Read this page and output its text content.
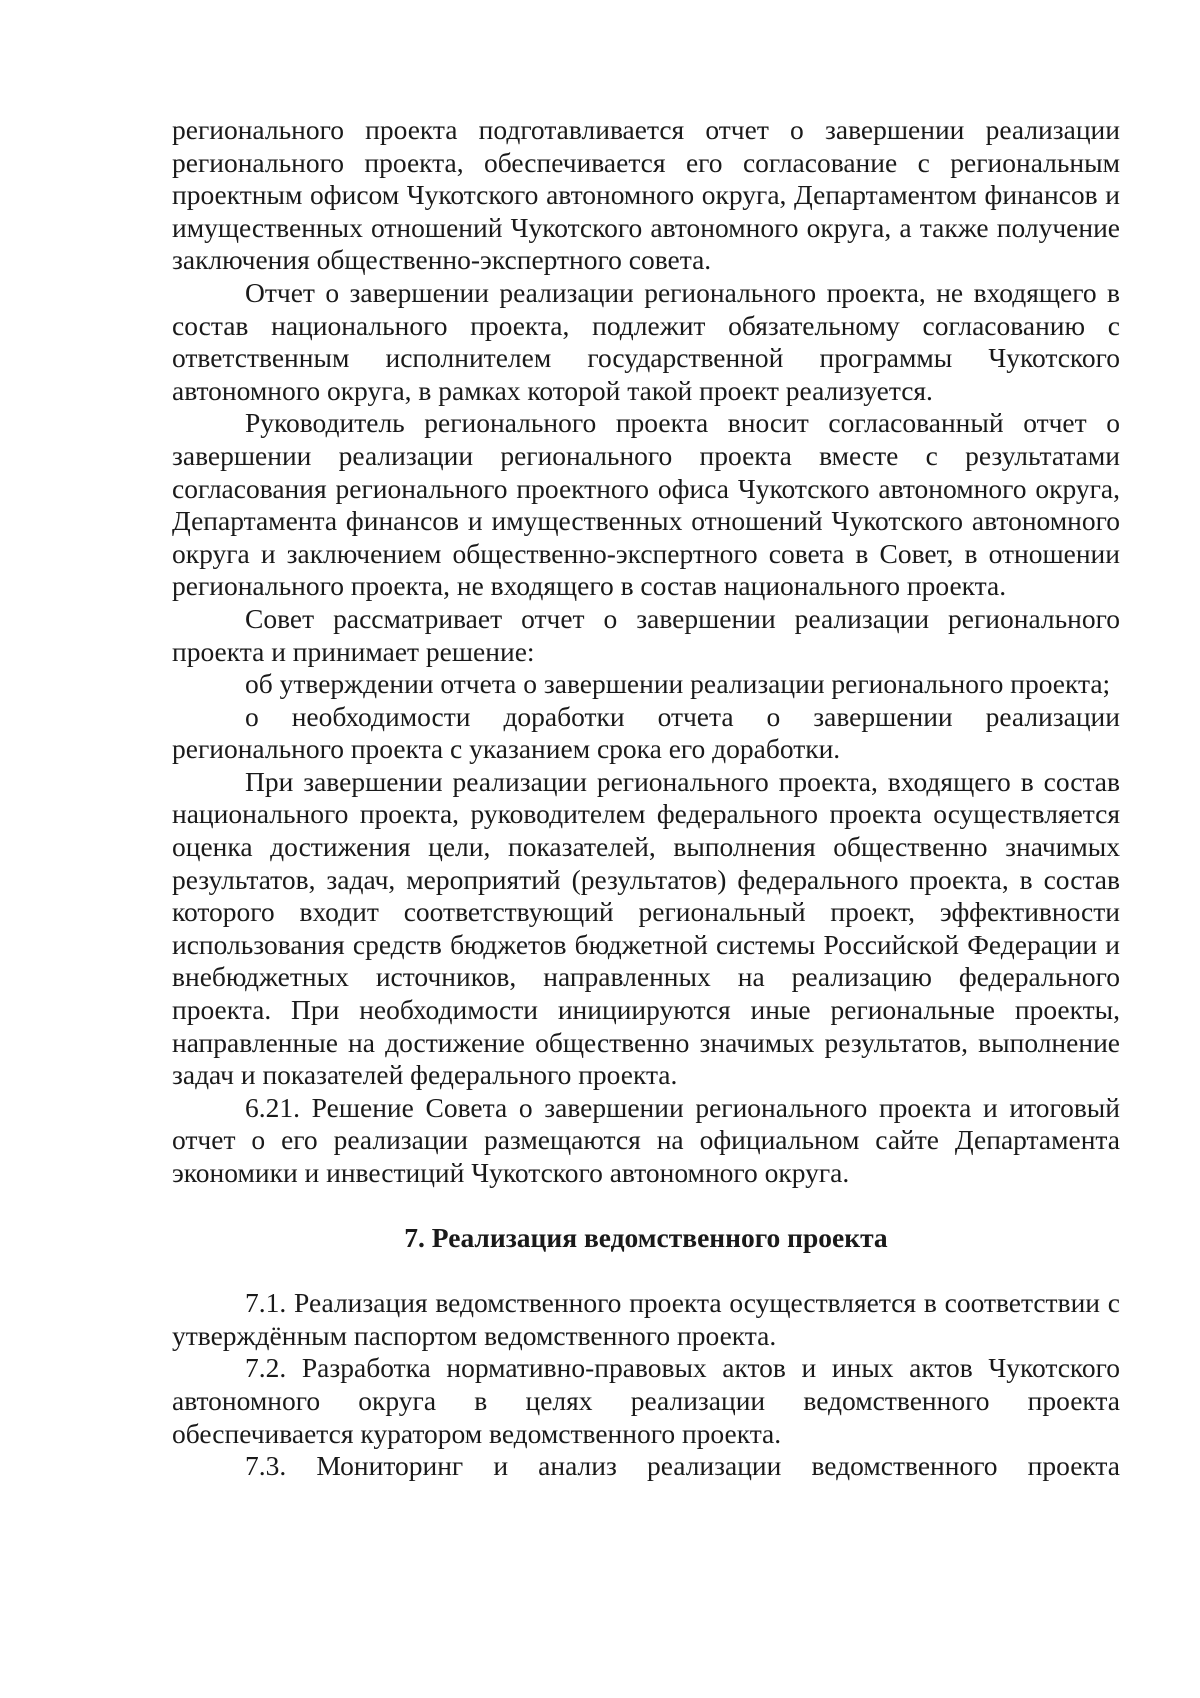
регионального проекта подготавливается отчет о завершении реализации регионального проекта, обеспечивается его согласование с региональным проектным офисом Чукотского автономного округа, Департаментом финансов и имущественных отношений Чукотского автономного округа, а также получение заключения общественно-экспертного совета.

Отчет о завершении реализации регионального проекта, не входящего в состав национального проекта, подлежит обязательному согласованию с ответственным исполнителем государственной программы Чукотского автономного округа, в рамках которой такой проект реализуется.

Руководитель регионального проекта вносит согласованный отчет о завершении реализации регионального проекта вместе с результатами согласования регионального проектного офиса Чукотского автономного округа, Департамента финансов и имущественных отношений Чукотского автономного округа и заключением общественно-экспертного совета в Совет, в отношении регионального проекта, не входящего в состав национального проекта.

Совет рассматривает отчет о завершении реализации регионального проекта и принимает решение:

об утверждении отчета о завершении реализации регионального проекта;

о необходимости доработки отчета о завершении реализации регионального проекта с указанием срока его доработки.

При завершении реализации регионального проекта, входящего в состав национального проекта, руководителем федерального проекта осуществляется оценка достижения цели, показателей, выполнения общественно значимых результатов, задач, мероприятий (результатов) федерального проекта, в состав которого входит соответствующий региональный проект, эффективности использования средств бюджетов бюджетной системы Российской Федерации и внебюджетных источников, направленных на реализацию федерального проекта. При необходимости инициируются иные региональные проекты, направленные на достижение общественно значимых результатов, выполнение задач и показателей федерального проекта.

6.21. Решение Совета о завершении регионального проекта и итоговый отчет о его реализации размещаются на официальном сайте Департамента экономики и инвестиций Чукотского автономного округа.

7. Реализация ведомственного проекта

7.1. Реализация ведомственного проекта осуществляется в соответствии с утверждённым паспортом ведомственного проекта.

7.2. Разработка нормативно-правовых актов и иных актов Чукотского автономного округа в целях реализации ведомственного проекта обеспечивается куратором ведомственного проекта.

7.3. Мониторинг и анализ реализации ведомственного проекта
